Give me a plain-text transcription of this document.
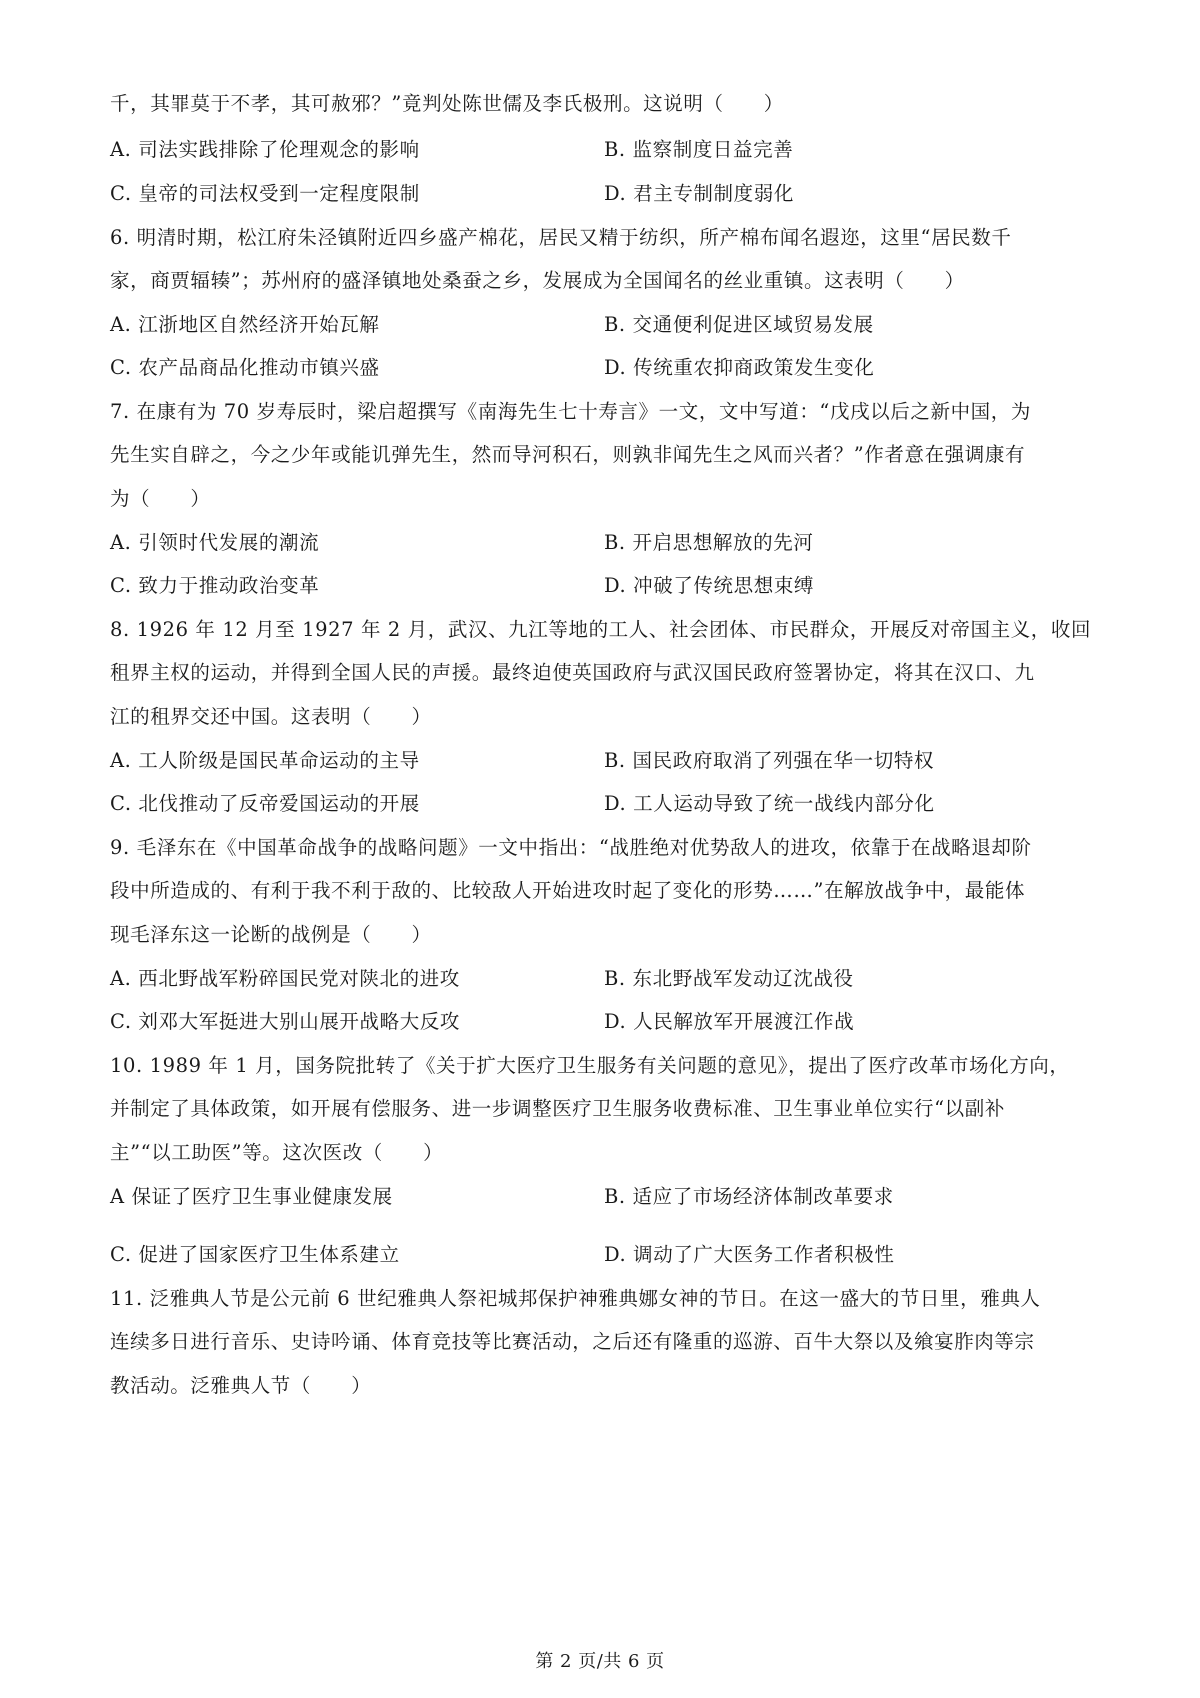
千，其罪莫于不孝，其可赦邪？”竟判处陈世儒及李氏极刑。这说明（　　）
A. 司法实践排除了伦理观念的影响	B. 监察制度日益完善
C. 皇帝的司法权受到一定程度限制	D. 君主专制制度弱化
6. 明清时期，松江府朱泾镇附近四乡盛产棉花，居民又精于纺织，所产棉布闻名遐迩，这里“居民数千
家，商贾辐辏”；苏州府的盛泽镇地处桑蚕之乡，发展成为全国闻名的丝业重镇。这表明（　　）
A. 江浙地区自然经济开始瓦解	B. 交通便利促进区域贸易发展
C. 农产品商品化推动市镇兴盛	D. 传统重农抑商政策发生变化
7. 在康有为 70 岁寿辰时，梁启超撰写《南海先生七十寿言》一文，文中写道：“戊戌以后之新中国，为
先生实自辟之，今之少年或能讥弹先生，然而导河积石，则孰非闻先生之风而兴者？”作者意在强调康有
为（　　）
A. 引领时代发展的潮流	B. 开启思想解放的先河
C. 致力于推动政治变革	D. 冲破了传统思想束缚
8. 1926 年 12 月至 1927 年 2 月，武汉、九江等地的工人、社会团体、市民群众，开展反对帝国主义，收回
租界主权的运动，并得到全国人民的声援。最终迫使英国政府与武汉国民政府签署协定，将其在汉口、九
江的租界交还中国。这表明（　　）
A. 工人阶级是国民革命运动的主导	B. 国民政府取消了列强在华一切特权
C. 北伐推动了反帝爱国运动的开展	D. 工人运动导致了统一战线内部分化
9. 毛泽东在《中国革命战争的战略问题》一文中指出：“战胜绝对优势敌人的进攻，依靠于在战略退却阶
段中所造成的、有利于我不利于敌的、比较敌人开始进攻时起了变化的形势……”在解放战争中，最能体
现毛泽东这一论断的战例是（　　）
A. 西北野战军粉碎国民党对陕北的进攻	B. 东北野战军发动辽沈战役
C. 刘邓大军挺进大别山展开战略大反攻	D. 人民解放军开展渡江作战
10. 1989 年 1 月，国务院批转了《关于扩大医疗卫生服务有关问题的意见》，提出了医疗改革市场化方向，
并制定了具体政策，如开展有偿服务、进一步调整医疗卫生服务收费标准、卫生事业单位实行“以副补
主”“以工助医”等。这次医改（　　）
A 保证了医疗卫生事业健康发展	B. 适应了市场经济体制改革要求
C. 促进了国家医疗卫生体系建立	D. 调动了广大医务工作者积极性
11. 泛雅典人节是公元前 6 世纪雅典人祭祀城邦保护神雅典娜女神的节日。在这一盛大的节日里，雅典人
连续多日进行音乐、史诗吟诵、体育竞技等比赛活动，之后还有隆重的巡游、百牛大祭以及飨宴胙肉等宗
教活动。泛雅典人节（　　）
第 2 页/共 6 页
